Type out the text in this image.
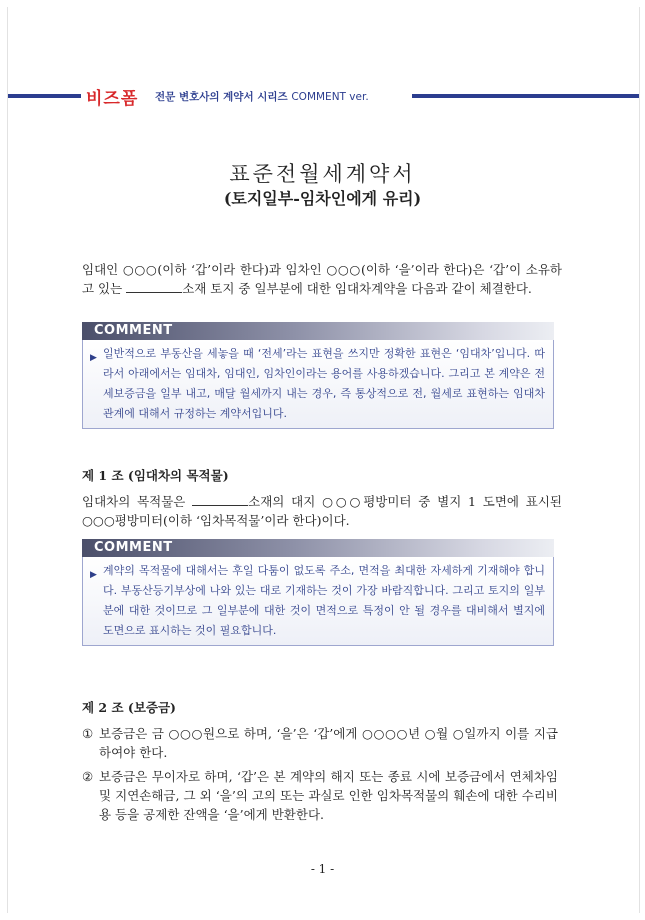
비즈폼 전문 변호사의 계약서 시리즈 COMMENT ver.
표준전월세계약서
(토지일부-임차인에게 유리)
임대인 ○○○(이하 ‘갑’이라 한다)과 임차인 ○○○(이하 ‘을’이라 한다)은 ‘갑’이 소유하고 있는	소재 토지 중 일부분에 대한 임대차계약을 다음과 같이 체결한다.
COMMENT
▶ 일반적으로 부동산을 세놓을 때 ‘전세’라는 표현을 쓰지만 정확한 표현은 ‘임대차’입니다. 따라서 아래에서는 임대차, 임대인, 임차인이라는 용어를 사용하겠습니다. 그리고 본 계약은 전세보증금을 일부 내고, 매달 월세까지 내는 경우, 즉 통상적으로 전, 월세로 표현하는 임대차 관계에 대해서 규정하는 계약서입니다.
제 1 조 (임대차의 목적물)
임대차의 목적물은	소재의 대지 ○○○평방미터 중 별지 1 도면에 표시된 ○○○평방미터(이하 ‘임차목적물’이라 한다)이다.
COMMENT
▶ 계약의 목적물에 대해서는 후일 다툼이 없도록 주소, 면적을 최대한 자세하게 기재해야 합니다. 부동산등기부상에 나와 있는 대로 기재하는 것이 가장 바람직합니다. 그리고 토지의 일부분에 대한 것이므로 그 일부분에 대한 것이 면적으로 특정이 안 될 경우를 대비해서 별지에 도면으로 표시하는 것이 필요합니다.
제 2 조 (보증금)
① 보증금은 금 ○○○원으로 하며, ‘을’은 ‘갑’에게 ○○○○년 ○월 ○일까지 이를 지급하여야 한다.
② 보증금은 무이자로 하며, ‘갑’은 본 계약의 해지 또는 종료 시에 보증금에서 연체차임 및 지연손해금, 그 외 ‘을’의 고의 또는 과실로 인한 임차목적물의 훼손에 대한 수리비용 등을 공제한 잔액을 ‘을’에게 반환한다.
- 1 -
